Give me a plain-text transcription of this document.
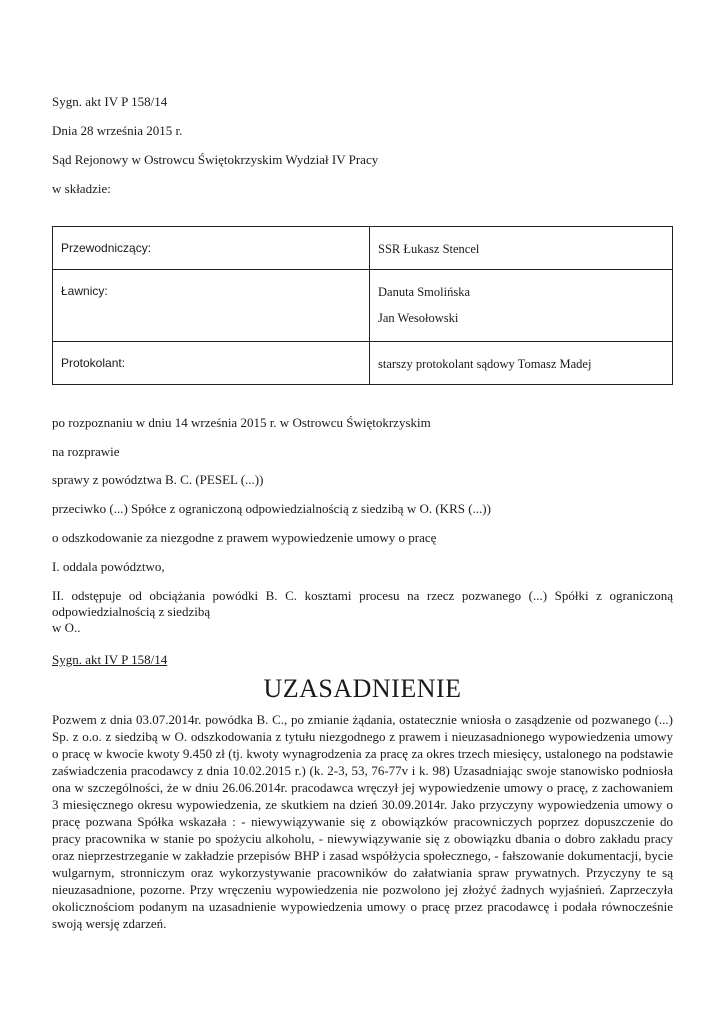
Sygn. akt IV P 158/14
Dnia 28 września 2015 r.
Sąd Rejonowy w Ostrowcu Świętokrzyskim Wydział IV Pracy
w składzie:
Przewodniczący:	SSR Łukasz Stencel

Ławnicy:	Danuta Smolińska
Jan Wesołowski

Protokolant:	starszy protokolant sądowy Tomasz Madej
po rozpoznaniu w dniu 14 września 2015 r. w Ostrowcu Świętokrzyskim
na rozprawie
sprawy z powództwa B. C. (PESEL (...))
przeciwko (...) Spółce z ograniczoną odpowiedzialnością z siedzibą w O. (KRS (...))
o odszkodowanie za niezgodne z prawem wypowiedzenie umowy o pracę
I. oddala powództwo,
II. odstępuje od obciążania powódki B. C. kosztami procesu na rzecz pozwanego (...) Spółki z ograniczoną odpowiedzialnością z siedzibą
w O..
Sygn. akt IV P 158/14
UZASADNIENIE
Pozwem z dnia 03.07.2014r. powódka B. C., po zmianie żądania, ostatecznie wniosła o zasądzenie od pozwanego (...) Sp. z o.o. z siedzibą w O. odszkodowania z tytułu niezgodnego z prawem i nieuzasadnionego wypowiedzenia umowy o pracę w kwocie kwoty 9.450 zł (tj. kwoty wynagrodzenia za pracę za okres trzech miesięcy, ustalonego na podstawie zaświadczenia pracodawcy z dnia 10.02.2015 r.) (k. 2-3, 53, 76-77v i k. 98) Uzasadniając swoje stanowisko podniosła ona w szczególności, że w dniu 26.06.2014r. pracodawca wręczył jej wypowiedzenie umowy o pracę, z zachowaniem 3 miesięcznego okresu wypowiedzenia, ze skutkiem na dzień 30.09.2014r. Jako przyczyny wypowiedzenia umowy o pracę pozwana Spółka wskazała : - niewywiązywanie się z obowiązków pracowniczych poprzez dopuszczenie do pracy pracownika w stanie po spożyciu alkoholu, - niewywiązywanie się z obowiązku dbania o dobro zakładu pracy oraz nieprzestrzeganie w zakładzie przepisów BHP i zasad współżycia społecznego, - fałszowanie dokumentacji, bycie wulgarnym, stronniczym oraz wykorzystywanie pracowników do załatwiania spraw prywatnych. Przyczyny te są nieuzasadnione, pozorne. Przy wręczeniu wypowiedzenia nie pozwolono jej złożyć żadnych wyjaśnień. Zaprzeczyła okolicznościom podanym na uzasadnienie wypowiedzenia umowy o pracę przez pracodawcę i podała równocześnie swoją wersję zdarzeń.
